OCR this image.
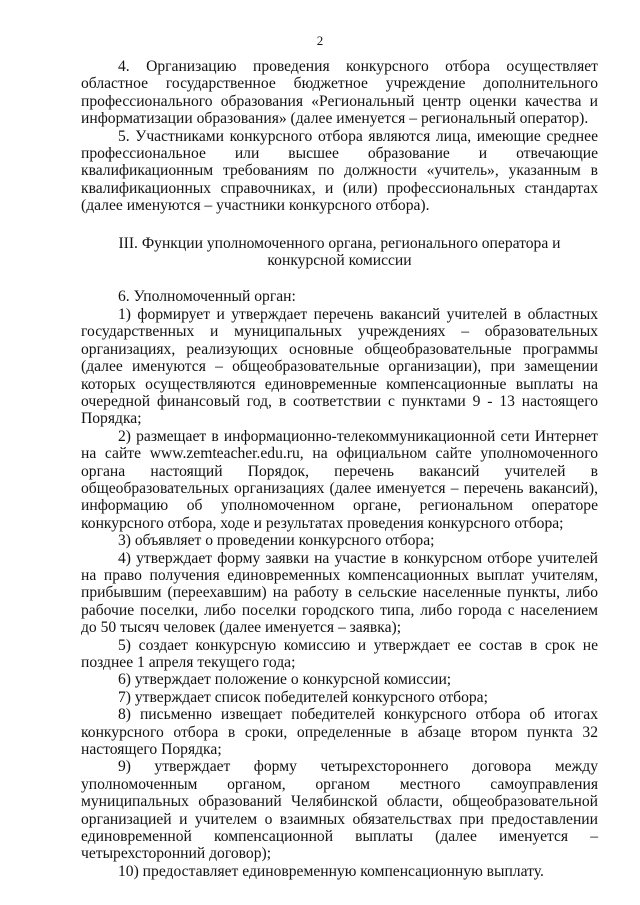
2

4. Организацию проведения конкурсного отбора осуществляет областное государственное бюджетное учреждение дополнительного профессионального образования «Региональный центр оценки качества и информатизации образования» (далее именуется – региональный оператор).

5. Участниками конкурсного отбора являются лица, имеющие среднее профессиональное или высшее образование и отвечающие квалификационным требованиям по должности «учитель», указанным в квалификационных справочниках, и (или) профессиональных стандартах (далее именуются – участники конкурсного отбора).

III. Функции уполномоченного органа, регионального оператора и
конкурсной комиссии

6. Уполномоченный орган:

1) формирует и утверждает перечень вакансий учителей в областных государственных и муниципальных учреждениях – образовательных организациях, реализующих основные общеобразовательные программы (далее именуются – общеобразовательные организации), при замещении которых осуществляются единовременные компенсационные выплаты на очередной финансовый год, в соответствии с пунктами 9 - 13 настоящего Порядка;

2) размещает в информационно-телекоммуникационной сети Интернет на сайте www.zemteacher.edu.ru, на официальном сайте уполномоченного органа настоящий Порядок, перечень вакансий учителей в общеобразовательных организациях (далее именуется – перечень вакансий), информацию об уполномоченном органе, региональном операторе конкурсного отбора, ходе и результатах проведения конкурсного отбора;

3) объявляет о проведении конкурсного отбора;

4) утверждает форму заявки на участие в конкурсном отборе учителей на право получения единовременных компенсационных выплат учителям, прибывшим (переехавшим) на работу в сельские населенные пункты, либо рабочие поселки, либо поселки городского типа, либо города с населением до 50 тысяч человек (далее именуется – заявка);

5) создает конкурсную комиссию и утверждает ее состав в срок не позднее 1 апреля текущего года;

6) утверждает положение о конкурсной комиссии;

7) утверждает список победителей конкурсного отбора;

8) письменно извещает победителей конкурсного отбора об итогах конкурсного отбора в сроки, определенные в абзаце втором пункта 32 настоящего Порядка;

9) утверждает форму четырехстороннего договора между уполномоченным органом, органом местного самоуправления муниципальных образований Челябинской области, общеобразовательной организацией и учителем о взаимных обязательствах при предоставлении единовременной компенсационной выплаты (далее именуется – четырехсторонний договор);

10) предоставляет единовременную компенсационную выплату.
